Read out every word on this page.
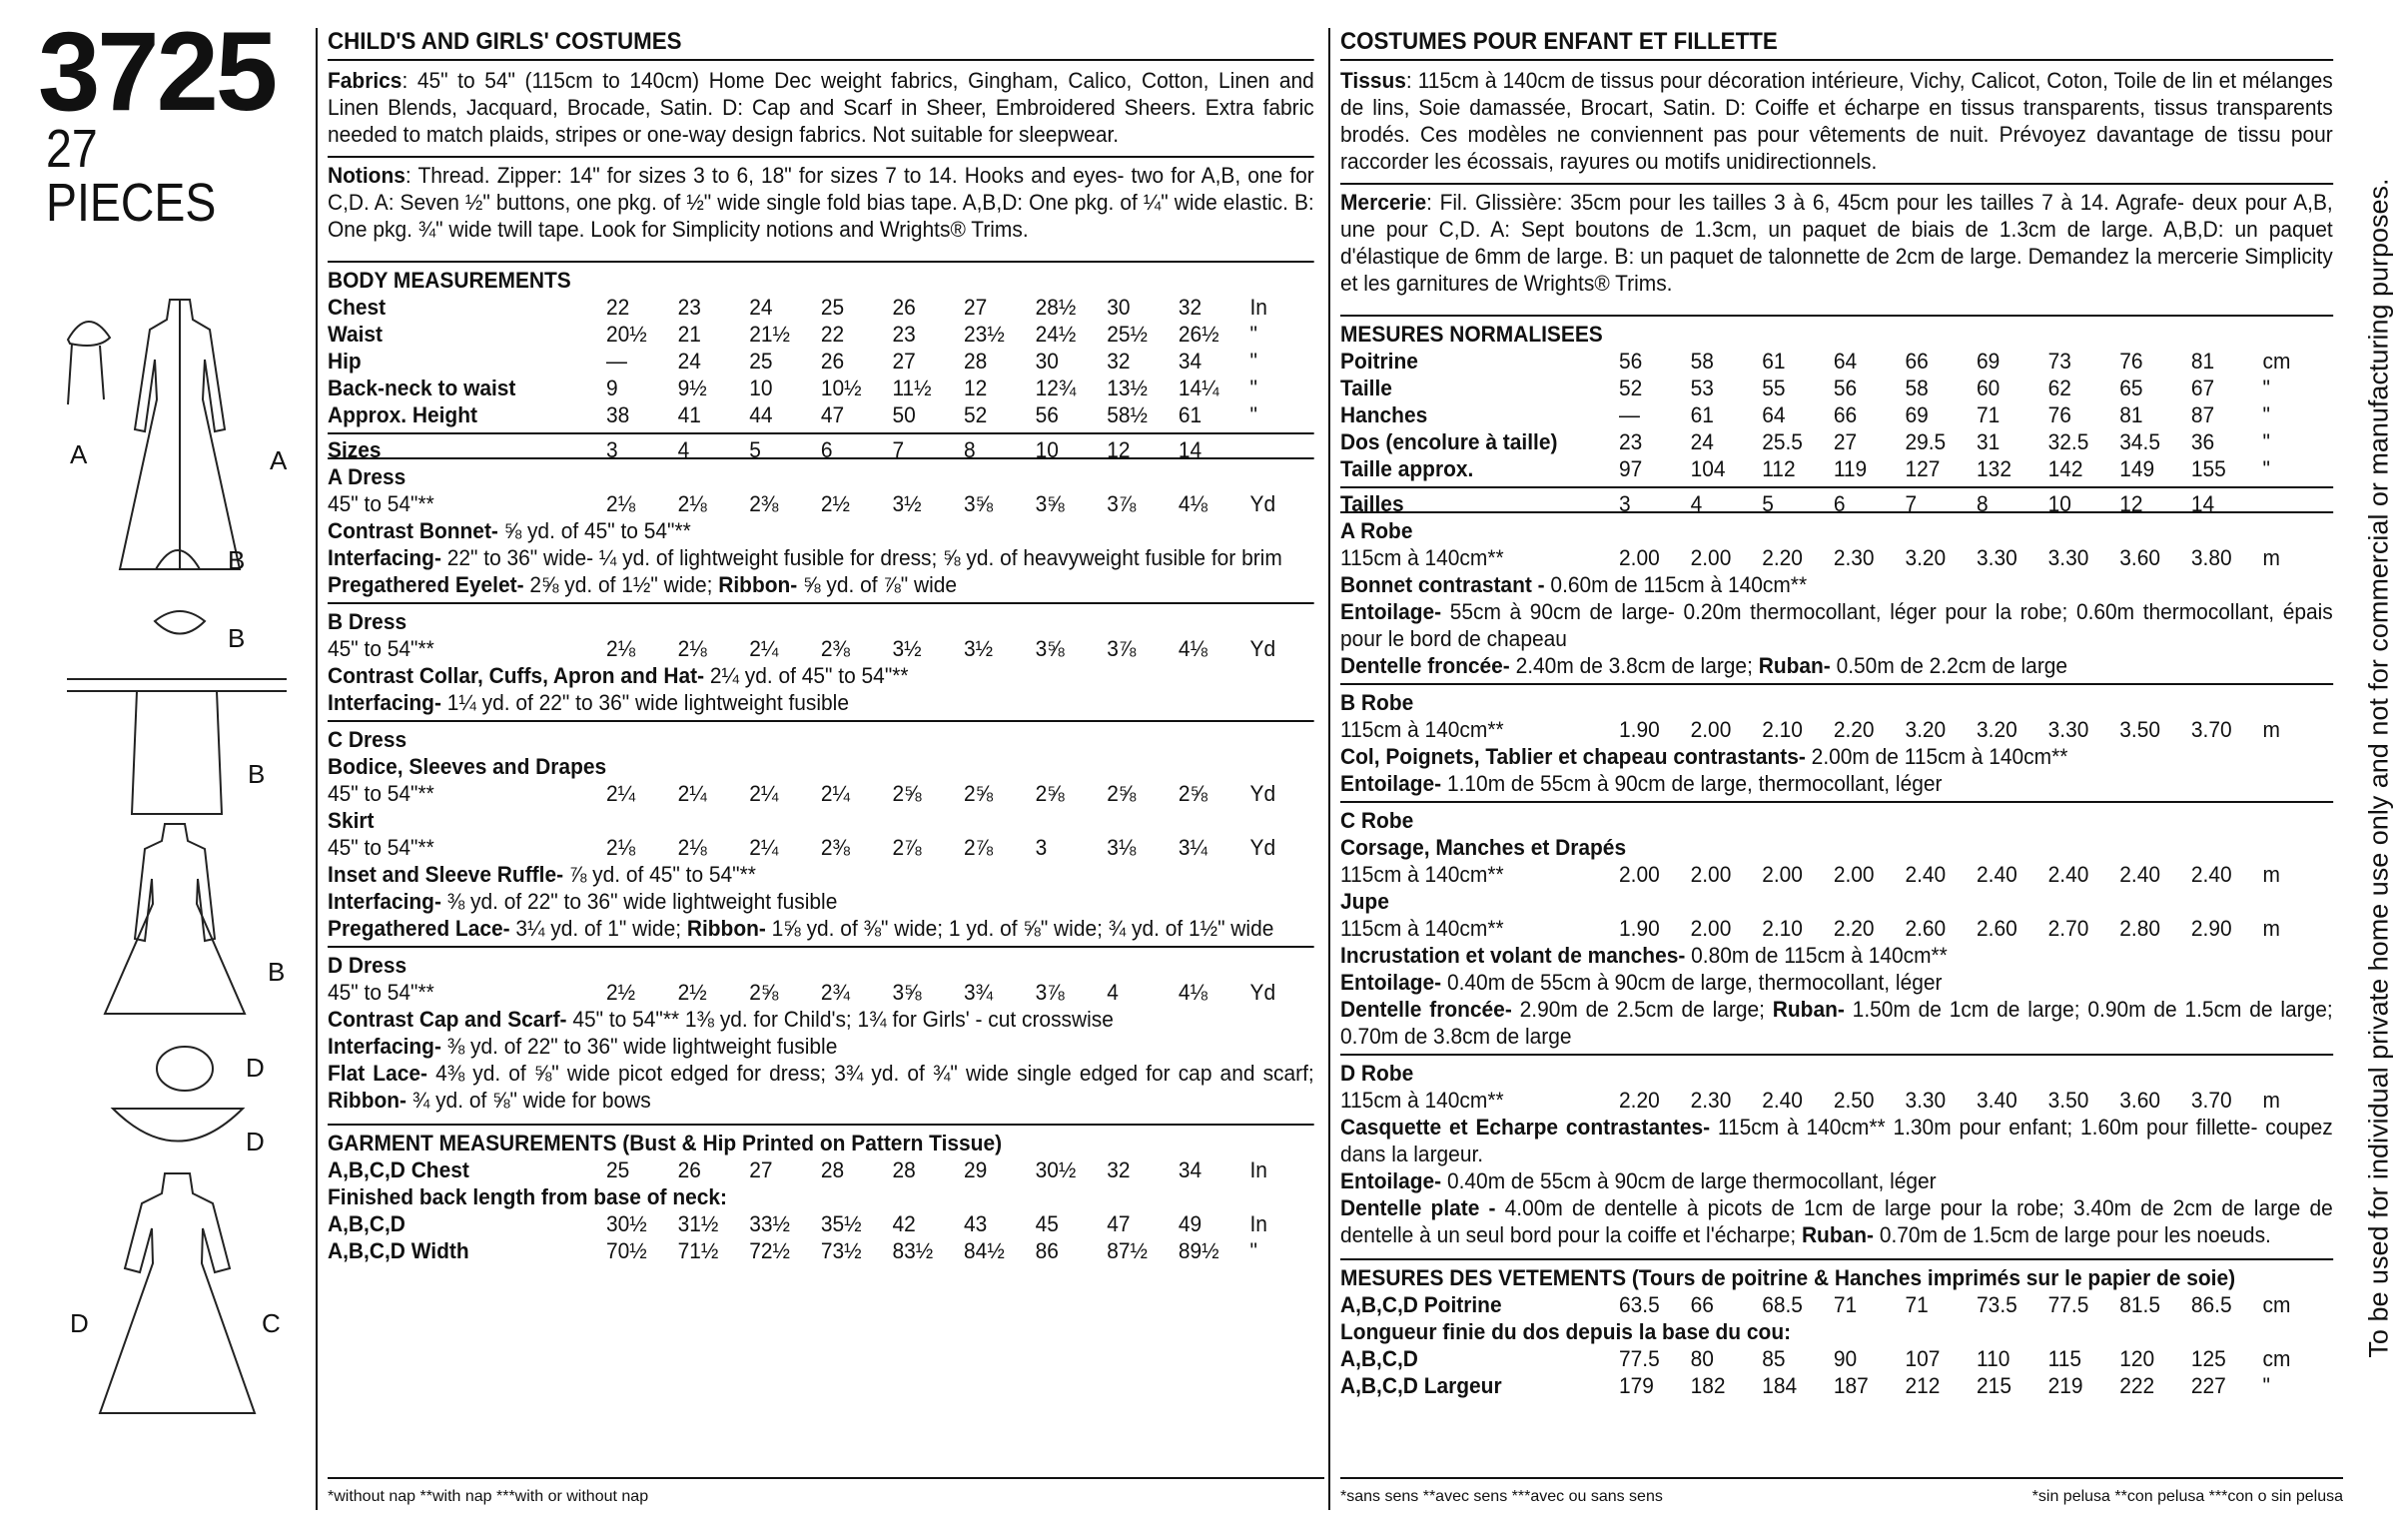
3725
27 PIECES
A	A
B
B
B
B
D
D
D	C
CHILD'S AND GIRLS' COSTUMES
Fabrics: 45" to 54" (115cm to 140cm) Home Dec weight fabrics, Gingham, Calico, Cotton, Linen and Linen Blends, Jacquard, Brocade, Satin. D: Cap and Scarf in Sheer, Embroidered Sheers. Extra fabric needed to match plaids, stripes or one-way design fabrics. Not suitable for sleepwear.
Notions: Thread. Zipper: 14" for sizes 3 to 6, 18" for sizes 7 to 14. Hooks and eyes- two for A,B, one for C,D. A: Seven ½" buttons, one pkg. of ½" wide single fold bias tape. A,B,D: One pkg. of ¼" wide elastic. B: One pkg. ¾" wide twill tape. Look for Simplicity notions and Wrights® Trims.
BODY MEASUREMENTS
Chest	22	23	24	25	26	27	28½	30	32	In
Waist	20½	21	21½	22	23	23½	24½	25½	26½	"
Hip	—	24	25	26	27	28	30	32	34	"
Back-neck to waist	9	9½	10	10½	11½	12	12¾	13½	14¼	"
Approx. Height	38	41	44	47	50	52	56	58½	61	"
Sizes	3	4	5	6	7	8	10	12	14
A Dress
45" to 54"**	2⅛	2⅛	2⅜	2½	3½	3⅝	3⅝	3⅞	4⅛	Yd
Contrast Bonnet- ⅝ yd. of 45" to 54"**
Interfacing- 22" to 36" wide- ¼ yd. of lightweight fusible for dress; ⅝ yd. of heavyweight fusible for brim
Pregathered Eyelet- 2⅝ yd. of 1½" wide; Ribbon- ⅝ yd. of ⅞" wide
B Dress
45" to 54"**	2⅛	2⅛	2¼	2⅜	3½	3½	3⅝	3⅞	4⅛	Yd
Contrast Collar, Cuffs, Apron and Hat- 2¼ yd. of 45" to 54"**
Interfacing- 1¼ yd. of 22" to 36" wide lightweight fusible
C Dress
Bodice, Sleeves and Drapes
45" to 54"**	2¼	2¼	2¼	2¼	2⅝	2⅝	2⅝	2⅝	2⅝	Yd
Skirt
45" to 54"**	2⅛	2⅛	2¼	2⅜	2⅞	2⅞	3	3⅛	3¼	Yd
Inset and Sleeve Ruffle- ⅞ yd. of 45" to 54"**
Interfacing- ⅜ yd. of 22" to 36" wide lightweight fusible
Pregathered Lace- 3¼ yd. of 1" wide; Ribbon- 1⅝ yd. of ⅜" wide; 1 yd. of ⅝" wide; ¾ yd. of 1½" wide
D Dress
45" to 54"**	2½	2½	2⅝	2¾	3⅝	3¾	3⅞	4	4⅛	Yd
Contrast Cap and Scarf- 45" to 54"** 1⅜ yd. for Child's; 1¾ for Girls' - cut crosswise
Interfacing- ⅜ yd. of 22" to 36" wide lightweight fusible
Flat Lace- 4⅜ yd. of ⅝" wide picot edged for dress; 3¾ yd. of ¾" wide single edged for cap and scarf; Ribbon- ¾ yd. of ⅝" wide for bows
GARMENT MEASUREMENTS (Bust & Hip Printed on Pattern Tissue)
A,B,C,D Chest	25	26	27	28	28	29	30½	32	34	In
Finished back length from base of neck:
A,B,C,D	30½	31½	33½	35½	42	43	45	47	49	In
A,B,C,D Width	70½	71½	72½	73½	83½	84½	86	87½	89½	"
*without nap **with nap ***with or without nap
COSTUMES POUR ENFANT ET FILLETTE
Tissus: 115cm à 140cm de tissus pour décoration intérieure, Vichy, Calicot, Coton, Toile de lin et mélanges de lins, Soie damassée, Brocart, Satin. D: Coiffe et écharpe en tissus transparents, tissus transparents brodés. Ces modèles ne conviennent pas pour vêtements de nuit. Prévoyez davantage de tissu pour raccorder les écossais, rayures ou motifs unidirectionnels.
Mercerie: Fil. Glissière: 35cm pour les tailles 3 à 6, 45cm pour les tailles 7 à 14. Agrafe- deux pour A,B, une pour C,D. A: Sept boutons de 1.3cm, un paquet de biais de 1.3cm de large. A,B,D: un paquet d'élastique de 6mm de large. B: un paquet de talonnette de 2cm de large. Demandez la mercerie Simplicity et les garnitures de Wrights® Trims.
MESURES NORMALISEES
Poitrine	56	58	61	64	66	69	73	76	81	cm
Taille	52	53	55	56	58	60	62	65	67	"
Hanches	—	61	64	66	69	71	76	81	87	"
Dos (encolure à taille)	23	24	25.5	27	29.5	31	32.5	34.5	36	"
Taille approx.	97	104	112	119	127	132	142	149	155	"
Tailles	3	4	5	6	7	8	10	12	14
A Robe
115cm à 140cm**	2.00	2.00	2.20	2.30	3.20	3.30	3.30	3.60	3.80	m
Bonnet contrastant - 0.60m de 115cm à 140cm**
Entoilage- 55cm à 90cm de large- 0.20m thermocollant, léger pour la robe; 0.60m thermocollant, épais pour le bord de chapeau
Dentelle froncée- 2.40m de 3.8cm de large; Ruban- 0.50m de 2.2cm de large
B Robe
115cm à 140cm**	1.90	2.00	2.10	2.20	3.20	3.20	3.30	3.50	3.70	m
Col, Poignets, Tablier et chapeau contrastants- 2.00m de 115cm à 140cm**
Entoilage- 1.10m de 55cm à 90cm de large, thermocollant, léger
C Robe
Corsage, Manches et Drapés
115cm à 140cm**	2.00	2.00	2.00	2.00	2.40	2.40	2.40	2.40	2.40	m
Jupe
115cm à 140cm**	1.90	2.00	2.10	2.20	2.60	2.60	2.70	2.80	2.90	m
Incrustation et volant de manches- 0.80m de 115cm à 140cm**
Entoilage- 0.40m de 55cm à 90cm de large, thermocollant, léger
Dentelle froncée- 2.90m de 2.5cm de large; Ruban- 1.50m de 1cm de large; 0.90m de 1.5cm de large; 0.70m de 3.8cm de large
D Robe
115cm à 140cm**	2.20	2.30	2.40	2.50	3.30	3.40	3.50	3.60	3.70	m
Casquette et Echarpe contrastantes- 115cm à 140cm** 1.30m pour enfant; 1.60m pour fillette- coupez dans la largeur.
Entoilage- 0.40m de 55cm à 90cm de large thermocollant, léger
Dentelle plate - 4.00m de dentelle à picots de 1cm de large pour la robe; 3.40m de 2cm de large de dentelle à un seul bord pour la coiffe et l'écharpe; Ruban- 0.70m de 1.5cm de large pour les noeuds.
MESURES DES VETEMENTS (Tours de poitrine & Hanches imprimés sur le papier de soie)
A,B,C,D Poitrine	63.5	66	68.5	71	71	73.5	77.5	81.5	86.5	cm
Longueur finie du dos depuis la base du cou:
A,B,C,D	77.5	80	85	90	107	110	115	120	125	cm
A,B,C,D Largeur	179	182	184	187	212	215	219	222	227	"
*sans sens **avec sens ***avec ou sans sens	*sin pelusa **con pelusa ***con o sin pelusa
To be used for individual private home use only and not for commercial or manufacturing purposes.
